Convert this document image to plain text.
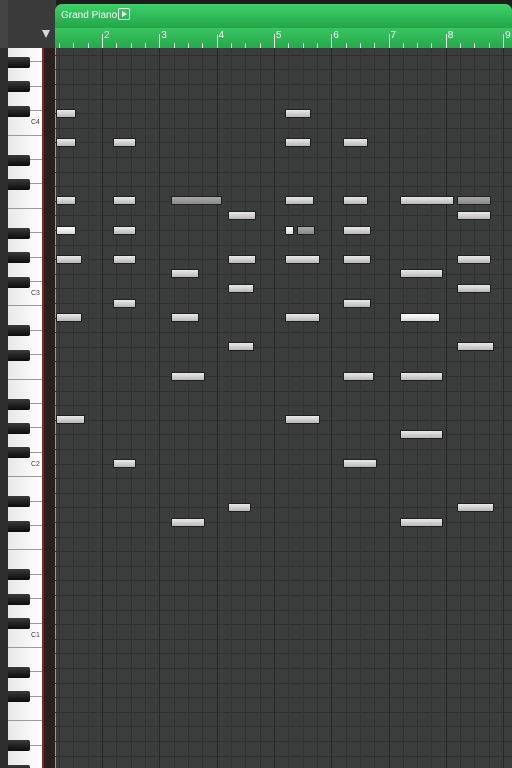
Grand Piano
2	3	4	5	6	7	8	9
C4
C3
C2
C1
